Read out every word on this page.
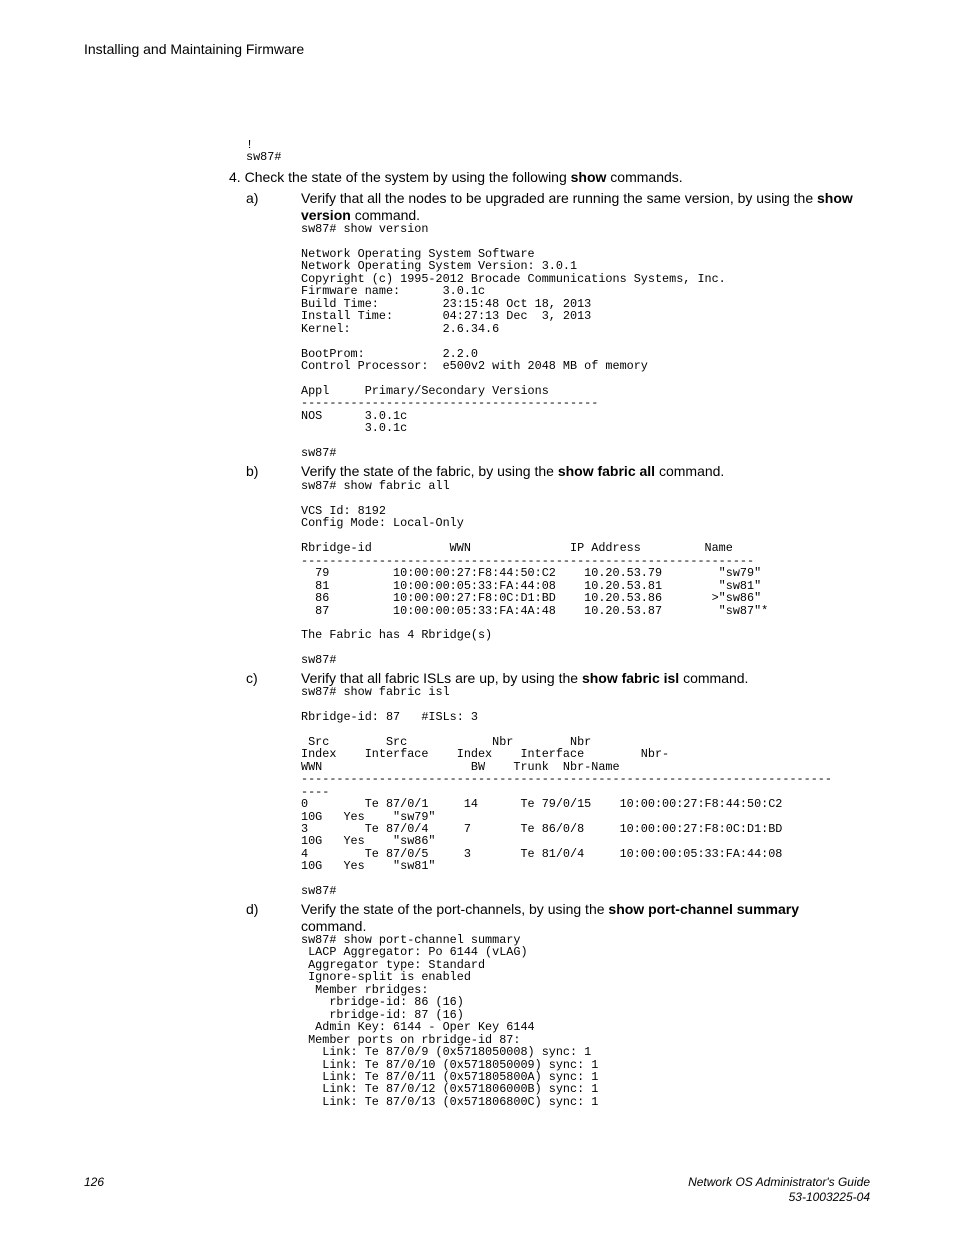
Installing and Maintaining Firmware
!
sw87#
4. Check the state of the system by using the following show commands.
a)	Verify that all the nodes to be upgraded are running the same version, by using the show version command.
sw87# show version

Network Operating System Software
Network Operating System Version: 3.0.1
Copyright (c) 1995-2012 Brocade Communications Systems, Inc.
Firmware name:      3.0.1c
Build Time:         23:15:48 Oct 18, 2013
Install Time:       04:27:13 Dec  3, 2013
Kernel:             2.6.34.6

BootProm:           2.2.0
Control Processor:  e500v2 with 2048 MB of memory

Appl     Primary/Secondary Versions
------------------------------------------
NOS      3.0.1c
3.0.1c

sw87#
b)	Verify the state of the fabric, by using the show fabric all command.
sw87# show fabric all

VCS Id: 8192
Config Mode: Local-Only

Rbridge-id           WWN              IP Address         Name
----------------------------------------------------------------
79         10:00:00:27:F8:44:50:C2    10.20.53.79        "sw79"
81         10:00:00:05:33:FA:44:08    10.20.53.81        "sw81"
86         10:00:00:27:F8:0C:D1:BD    10.20.53.86       >"sw86"
87         10:00:00:05:33:FA:4A:48    10.20.53.87        "sw87"*

The Fabric has 4 Rbridge(s)

sw87#
c)	Verify that all fabric ISLs are up, by using the show fabric isl command.
sw87# show fabric isl

Rbridge-id: 87   #ISLs: 3

Src        Src            Nbr        Nbr
Index    Interface    Index    Interface        Nbr-
WWN                     BW    Trunk  Nbr-Name
---------------------------------------------------------------------------
----
0        Te 87/0/1     14      Te 79/0/15    10:00:00:27:F8:44:50:C2
10G   Yes    "sw79"
3        Te 87/0/4     7       Te 86/0/8     10:00:00:27:F8:0C:D1:BD
10G   Yes    "sw86"
4        Te 87/0/5     3       Te 81/0/4     10:00:00:05:33:FA:44:08
10G   Yes    "sw81"

sw87#
d)	Verify the state of the port-channels, by using the show port-channel summary command.
sw87# show port-channel summary
LACP Aggregator: Po 6144 (vLAG)
Aggregator type: Standard
Ignore-split is enabled
Member rbridges:
rbridge-id: 86 (16)
rbridge-id: 87 (16)
Admin Key: 6144 - Oper Key 6144
Member ports on rbridge-id 87:
Link: Te 87/0/9 (0x5718050008) sync: 1
Link: Te 87/0/10 (0x5718050009) sync: 1
Link: Te 87/0/11 (0x571805800A) sync: 1
Link: Te 87/0/12 (0x571806000B) sync: 1
Link: Te 87/0/13 (0x571806800C) sync: 1
126	Network OS Administrator's Guide
53-1003225-04
